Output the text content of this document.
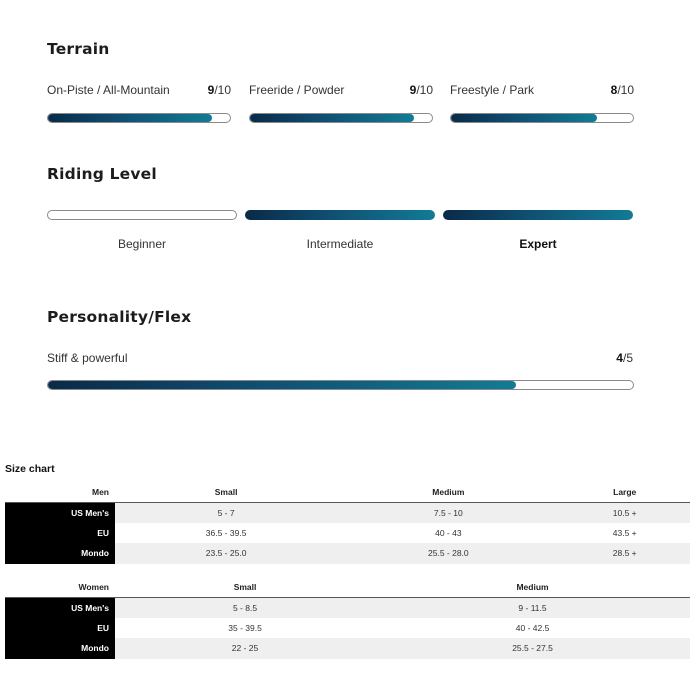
Terrain
On-Piste / All-Mountain	9/10 Freeride / Powder	9/10 Freestyle / Park	8/10
Riding Level
Beginner	Intermediate	Expert
Personality/Flex
Stiff & powerful	4/5
Size chart
Men	Small	Medium	Large
US Men's	5 - 7	7.5 - 10	10.5 +
EU	36.5 - 39.5	40 - 43	43.5 +
Mondo	23.5 - 25.0	25.5 - 28.0	28.5 +
Women	Small	Medium
US Men's	5 - 8.5	9 - 11.5
EU	35 - 39.5	40 - 42.5
Mondo	22 - 25	25.5 - 27.5
